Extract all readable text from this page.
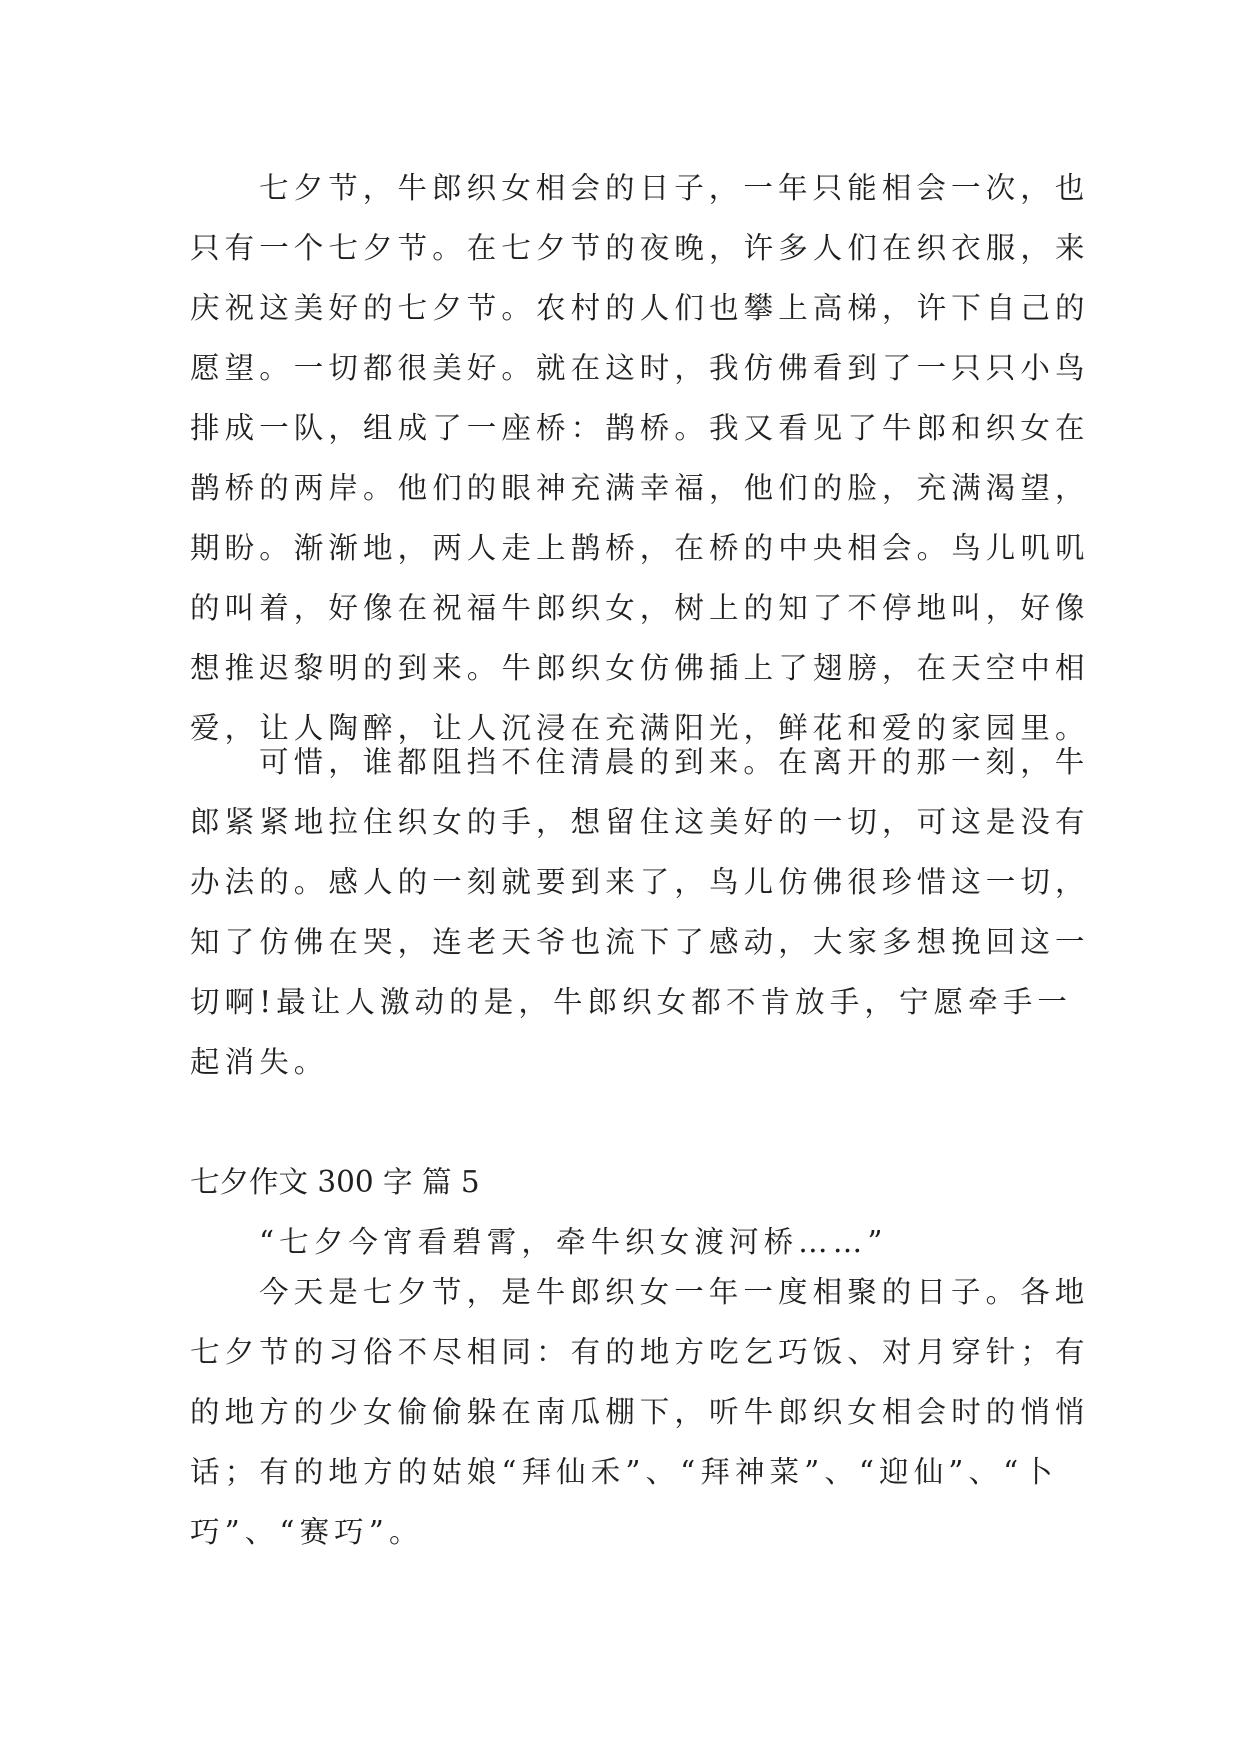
七夕节，牛郎织女相会的日子，一年只能相会一次，也
只有一个七夕节。在七夕节的夜晚，许多人们在织衣服，来
庆祝这美好的七夕节。农村的人们也攀上高梯，许下自己的
愿望。一切都很美好。就在这时，我仿佛看到了一只只小鸟
排成一队，组成了一座桥：鹊桥。我又看见了牛郎和织女在
鹊桥的两岸。他们的眼神充满幸福，他们的脸，充满渴望，
期盼。渐渐地，两人走上鹊桥，在桥的中央相会。鸟儿叽叽
的叫着，好像在祝福牛郎织女，树上的知了不停地叫，好像
想推迟黎明的到来。牛郎织女仿佛插上了翅膀，在天空中相
爱，让人陶醉，让人沉浸在充满阳光，鲜花和爱的家园里。
可惜，谁都阻挡不住清晨的到来。在离开的那一刻，牛
郎紧紧地拉住织女的手，想留住这美好的一切，可这是没有
办法的。感人的一刻就要到来了，鸟儿仿佛很珍惜这一切，
知了仿佛在哭，连老天爷也流下了感动，大家多想挽回这一
切啊!最让人激动的是，牛郎织女都不肯放手，宁愿牵手一
起消失。
七夕作文 300 字 篇 5
“七夕今宵看碧霄，牵牛织女渡河桥……”
今天是七夕节，是牛郎织女一年一度相聚的日子。各地
七夕节的习俗不尽相同：有的地方吃乞巧饭、对月穿针；有
的地方的少女偷偷躲在南瓜棚下，听牛郎织女相会时的悄悄
话；有的地方的姑娘“拜仙禾”、“拜神菜”、“迎仙”、“卜
巧”、“赛巧”。
